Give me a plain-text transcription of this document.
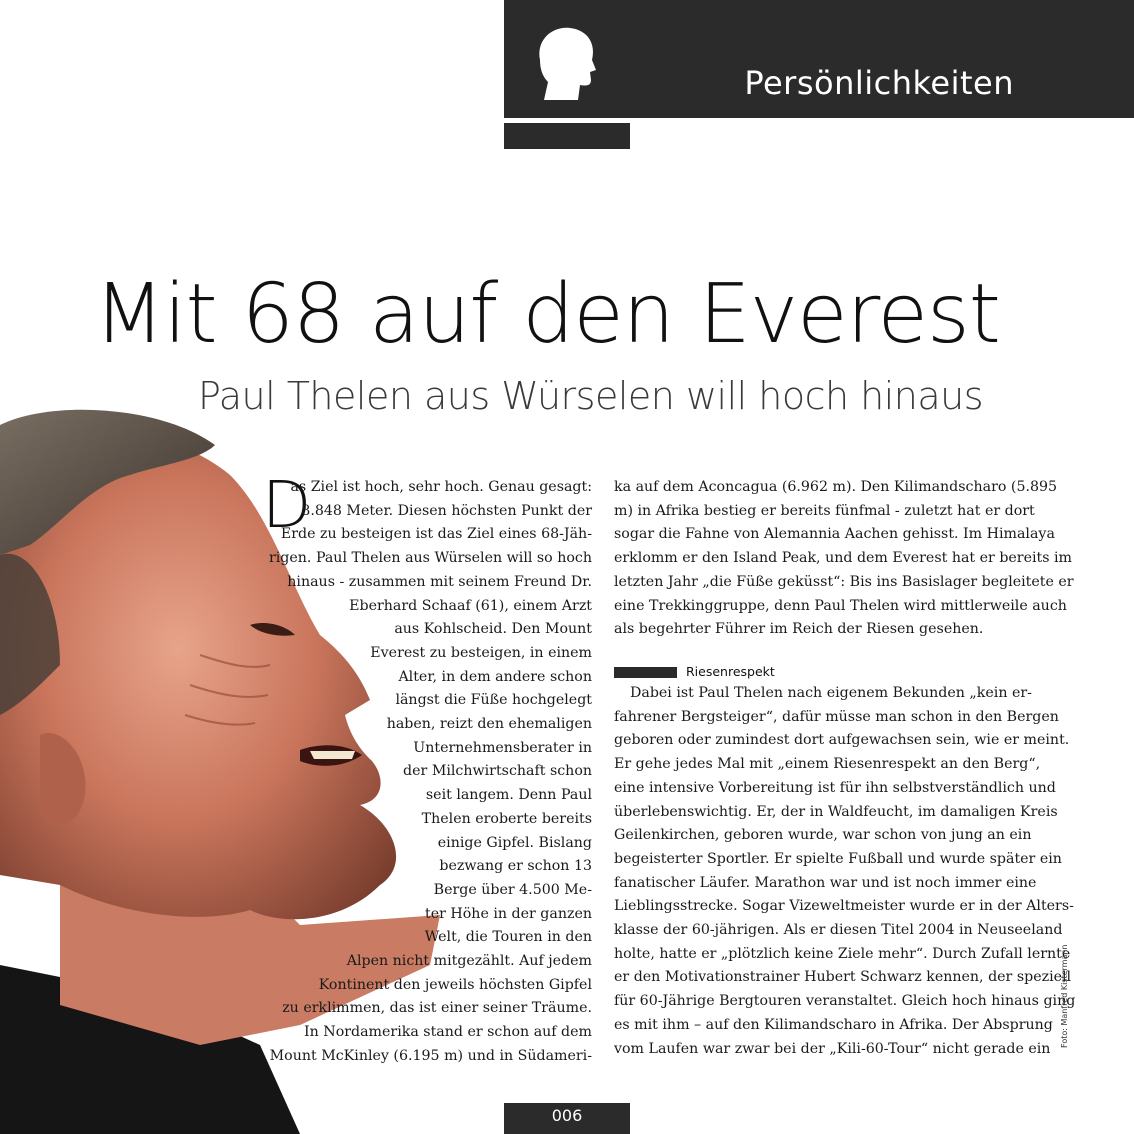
Persönlichkeiten
Mit 68 auf den Everest
Paul Thelen aus Würselen will hoch hinaus
D
as Ziel ist hoch, sehr hoch. Genau gesagt:
8.848 Meter. Diesen höchsten Punkt der
Erde zu besteigen ist das Ziel eines 68-Jäh-
rigen. Paul Thelen aus Würselen will so hoch
hinaus - zusammen mit seinem Freund Dr.
Eberhard Schaaf (61), einem Arzt
aus Kohlscheid. Den Mount
Everest zu besteigen, in einem
Alter, in dem andere schon
längst die Füße hochgelegt
haben, reizt den ehemaligen
Unternehmensberater in
der Milchwirtschaft schon
seit langem. Denn Paul
Thelen eroberte bereits
einige Gipfel. Bislang
bezwang er schon 13
Berge über 4.500 Me-
ter Höhe in der ganzen
Welt, die Touren in den
Alpen nicht mitgezählt. Auf jedem
Kontinent den jeweils höchsten Gipfel
zu erklimmen, das ist einer seiner Träume.
In Nordamerika stand er schon auf dem
Mount McKinley (6.195 m) und in Südameri-
ka auf dem Aconcagua (6.962 m). Den Kilimandscharo (5.895
m) in Afrika bestieg er bereits fünfmal - zuletzt hat er dort
sogar die Fahne von Alemannia Aachen gehisst. Im Himalaya
erklomm er den Island Peak, und dem Everest hat er bereits im
letzten Jahr „die Füße geküsst“: Bis ins Basislager begleitete er
eine Trekkinggruppe, denn Paul Thelen wird mittlerweile auch
als begehrter Führer im Reich der Riesen gesehen.
Riesenrespekt
Dabei ist Paul Thelen nach eigenem Bekunden „kein er-
fahrener Bergsteiger“, dafür müsse man schon in den Bergen
geboren oder zumindest dort aufgewachsen sein, wie er meint.
Er gehe jedes Mal mit „einem Riesenrespekt an den Berg“,
eine intensive Vorbereitung ist für ihn selbstverständlich und
überlebenswichtig. Er, der in Waldfeucht, im damaligen Kreis
Geilenkirchen, geboren wurde, war schon von jung an ein
begeisterter Sportler. Er spielte Fußball und wurde später ein
fanatischer Läufer. Marathon war und ist noch immer eine
Lieblingsstrecke. Sogar Vizeweltmeister wurde er in der Alters-
klasse der 60-jährigen. Als er diesen Titel 2004 in Neuseeland
holte, hatte er „plötzlich keine Ziele mehr“. Durch Zufall lernte
er den Motivationstrainer Hubert Schwarz kennen, der speziell
für 60-Jährige Bergtouren veranstaltet. Gleich hoch hinaus ging
es mit ihm – auf den Kilimandscharo in Afrika. Der Absprung
vom Laufen war zwar bei der „Kili-60-Tour“ nicht gerade ein
Foto: Manfred Kistermann
006
